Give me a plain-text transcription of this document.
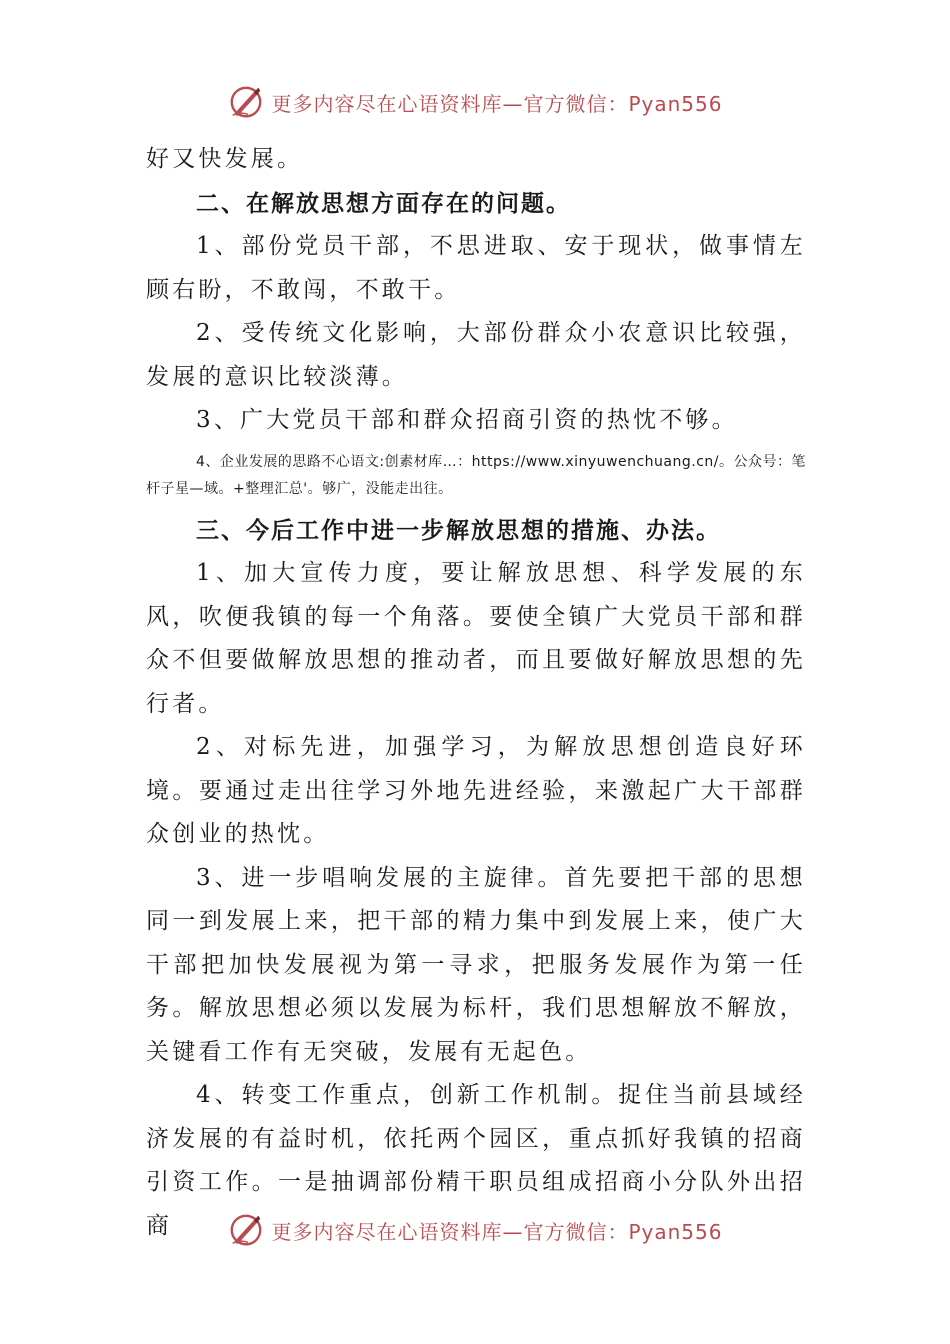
更多内容尽在心语资料库—官方微信：Pyan556

好又快发展。

二、在解放思想方面存在的问题。

1、部份党员干部，不思进取、安于现状，做事情左顾右盼，不敢闯，不敢干。

2、受传统文化影响，大部份群众小农意识比较强，发展的意识比较淡薄。

3、广大党员干部和群众招商引资的热忱不够。

4、企业发展的思路不心语文:创素材库…：https://www.xinyuwenchuang.cn/。公众号：笔杆子星—域。+整理汇总'。够广，没能走出往。

三、今后工作中进一步解放思想的措施、办法。

1、加大宣传力度，要让解放思想、科学发展的东风，吹便我镇的每一个角落。要使全镇广大党员干部和群众不但要做解放思想的推动者，而且要做好解放思想的先行者。

2、对标先进，加强学习，为解放思想创造良好环境。要通过走出往学习外地先进经验，来激起广大干部群众创业的热忱。

3、进一步唱响发展的主旋律。首先要把干部的思想同一到发展上来，把干部的精力集中到发展上来，使广大干部把加快发展视为第一寻求，把服务发展作为第一任务。解放思想必须以发展为标杆，我们思想解放不解放，关键看工作有无突破，发展有无起色。

4、转变工作重点，创新工作机制。捉住当前县域经济发展的有益时机，依托两个园区，重点抓好我镇的招商引资工作。一是抽调部份精干职员组成招商小分队外出招商	更多内容尽在心语资料库—官方微信：Pyan556
